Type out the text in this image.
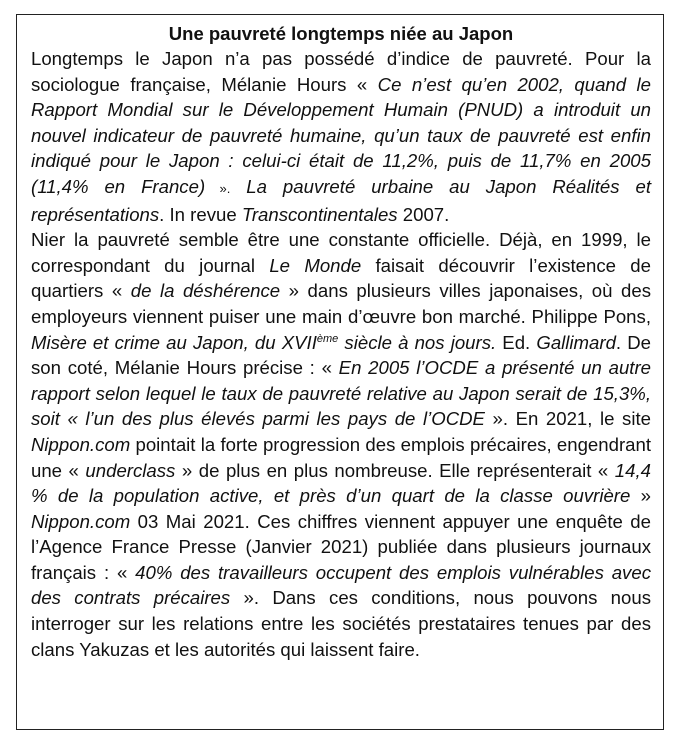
Une pauvreté longtemps niée au Japon

Longtemps le Japon n’a pas possédé d’indice de pauvreté. Pour la sociologue française, Mélanie Hours « Ce n’est qu’en 2002, quand le Rapport Mondial sur le Développement Humain (PNUD) a introduit un nouvel indicateur de pauvreté humaine, qu’un taux de pauvreté est enfin indiqué pour le Japon : celui-ci était de 11,2%, puis de 11,7% en 2005 (11,4% en France) ». La pauvreté urbaine au Japon Réalités et représentations. In revue Transcontinentales 2007.

Nier la pauvreté semble être une constante officielle. Déjà, en 1999, le correspondant du journal Le Monde faisait découvrir l’existence de quartiers « de la déshérence » dans plusieurs villes japonaises, où des employeurs viennent puiser une main d’œuvre bon marché. Philippe Pons, Misère et crime au Japon, du XVIIème siècle à nos jours. Ed. Gallimard. De son coté, Mélanie Hours précise : « En 2005 l’OCDE a présenté un autre rapport selon lequel le taux de pauvreté relative au Japon serait de 15,3%, soit « l’un des plus élevés parmi les pays de l’OCDE ». En 2021, le site Nippon.com pointait la forte progression des emplois précaires, engendrant une « underclass » de plus en plus nombreuse. Elle représenterait « 14,4 % de la population active, et près d’un quart de la classe ouvrière » Nippon.com 03 Mai 2021. Ces chiffres viennent appuyer une enquête de l’Agence France Presse (Janvier 2021) publiée dans plusieurs journaux français : « 40% des travailleurs occupent des emplois vulnérables avec des contrats précaires ». Dans ces conditions, nous pouvons nous interroger sur les relations entre les sociétés prestataires tenues par des clans Yakuzas et les autorités qui laissent faire.
